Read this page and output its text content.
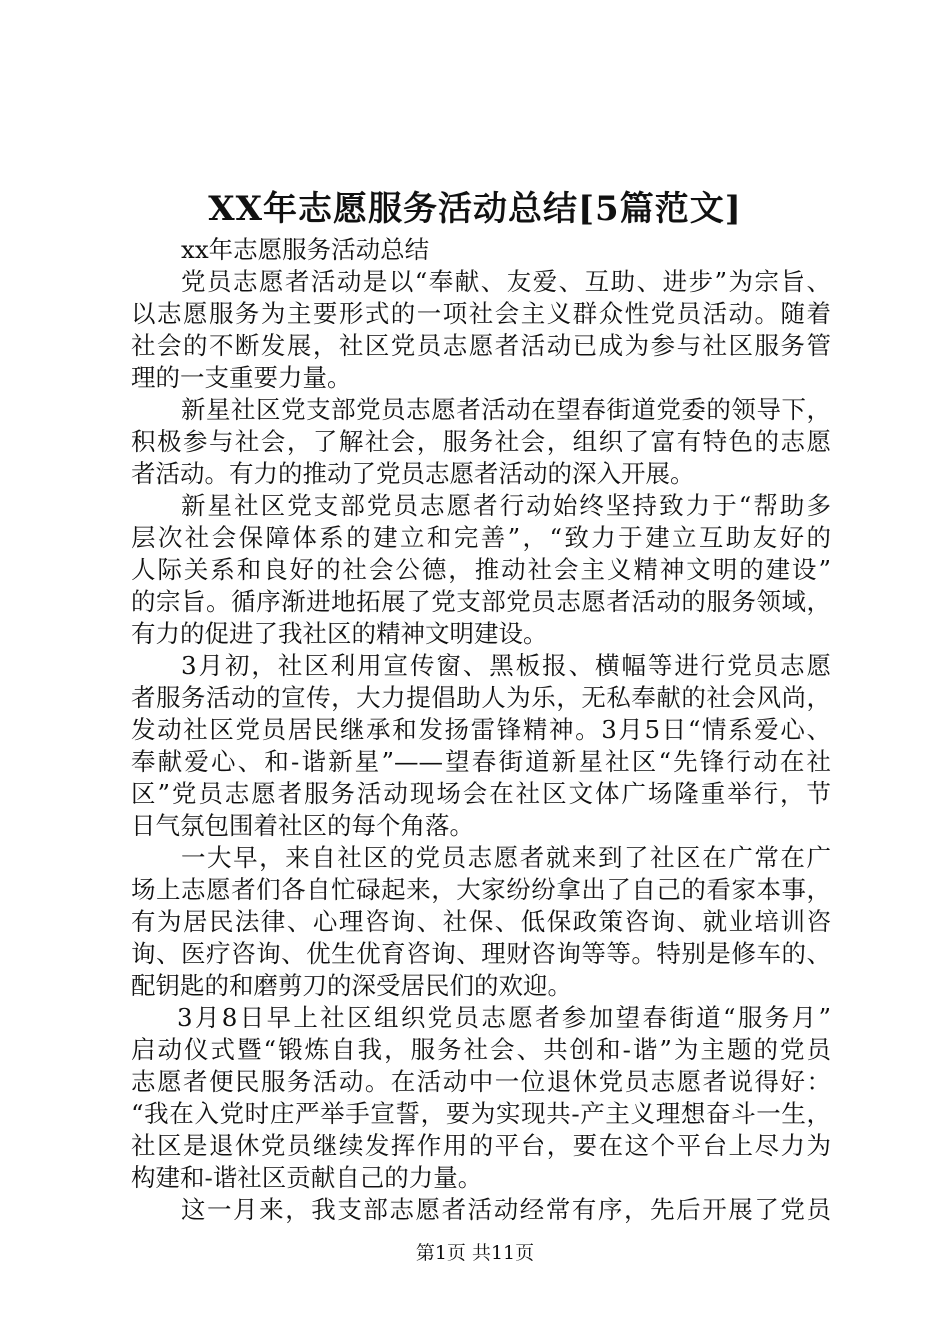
XX年志愿服务活动总结[5篇范文]
xx年志愿服务活动总结
党员志愿者活动是以“奉献、友爱、互助、进步”为宗旨、
以志愿服务为主要形式的一项社会主义群众性党员活动。随着
社会的不断发展，社区党员志愿者活动已成为参与社区服务管
理的一支重要力量。
新星社区党支部党员志愿者活动在望春街道党委的领导下，
积极参与社会，了解社会，服务社会，组织了富有特色的志愿
者活动。有力的推动了党员志愿者活动的深入开展。
新星社区党支部党员志愿者行动始终坚持致力于“帮助多
层次社会保障体系的建立和完善”，“致力于建立互助友好的
人际关系和良好的社会公德，推动社会主义精神文明的建设”
的宗旨。循序渐进地拓展了党支部党员志愿者活动的服务领域，
有力的促进了我社区的精神文明建设。
3月初，社区利用宣传窗、黑板报、横幅等进行党员志愿
者服务活动的宣传，大力提倡助人为乐，无私奉献的社会风尚，
发动社区党员居民继承和发扬雷锋精神。3月5日“情系爱心、
奉献爱心、和-谐新星”——望春街道新星社区“先锋行动在社
区”党员志愿者服务活动现场会在社区文体广场隆重举行，节
日气氛包围着社区的每个角落。
一大早，来自社区的党员志愿者就来到了社区在广常在广
场上志愿者们各自忙碌起来，大家纷纷拿出了自己的看家本事，
有为居民法律、心理咨询、社保、低保政策咨询、就业培训咨
询、医疗咨询、优生优育咨询、理财咨询等等。特别是修车的、
配钥匙的和磨剪刀的深受居民们的欢迎。
3月8日早上社区组织党员志愿者参加望春街道“服务月”
启动仪式暨“锻炼自我，服务社会、共创和-谐”为主题的党员
志愿者便民服务活动。在活动中一位退休党员志愿者说得好：
“我在入党时庄严举手宣誓，要为实现共-产主义理想奋斗一生，
社区是退休党员继续发挥作用的平台，要在这个平台上尽力为
构建和-谐社区贡献自己的力量。
这一月来，我支部志愿者活动经常有序，先后开展了党员
第1页 共11页
